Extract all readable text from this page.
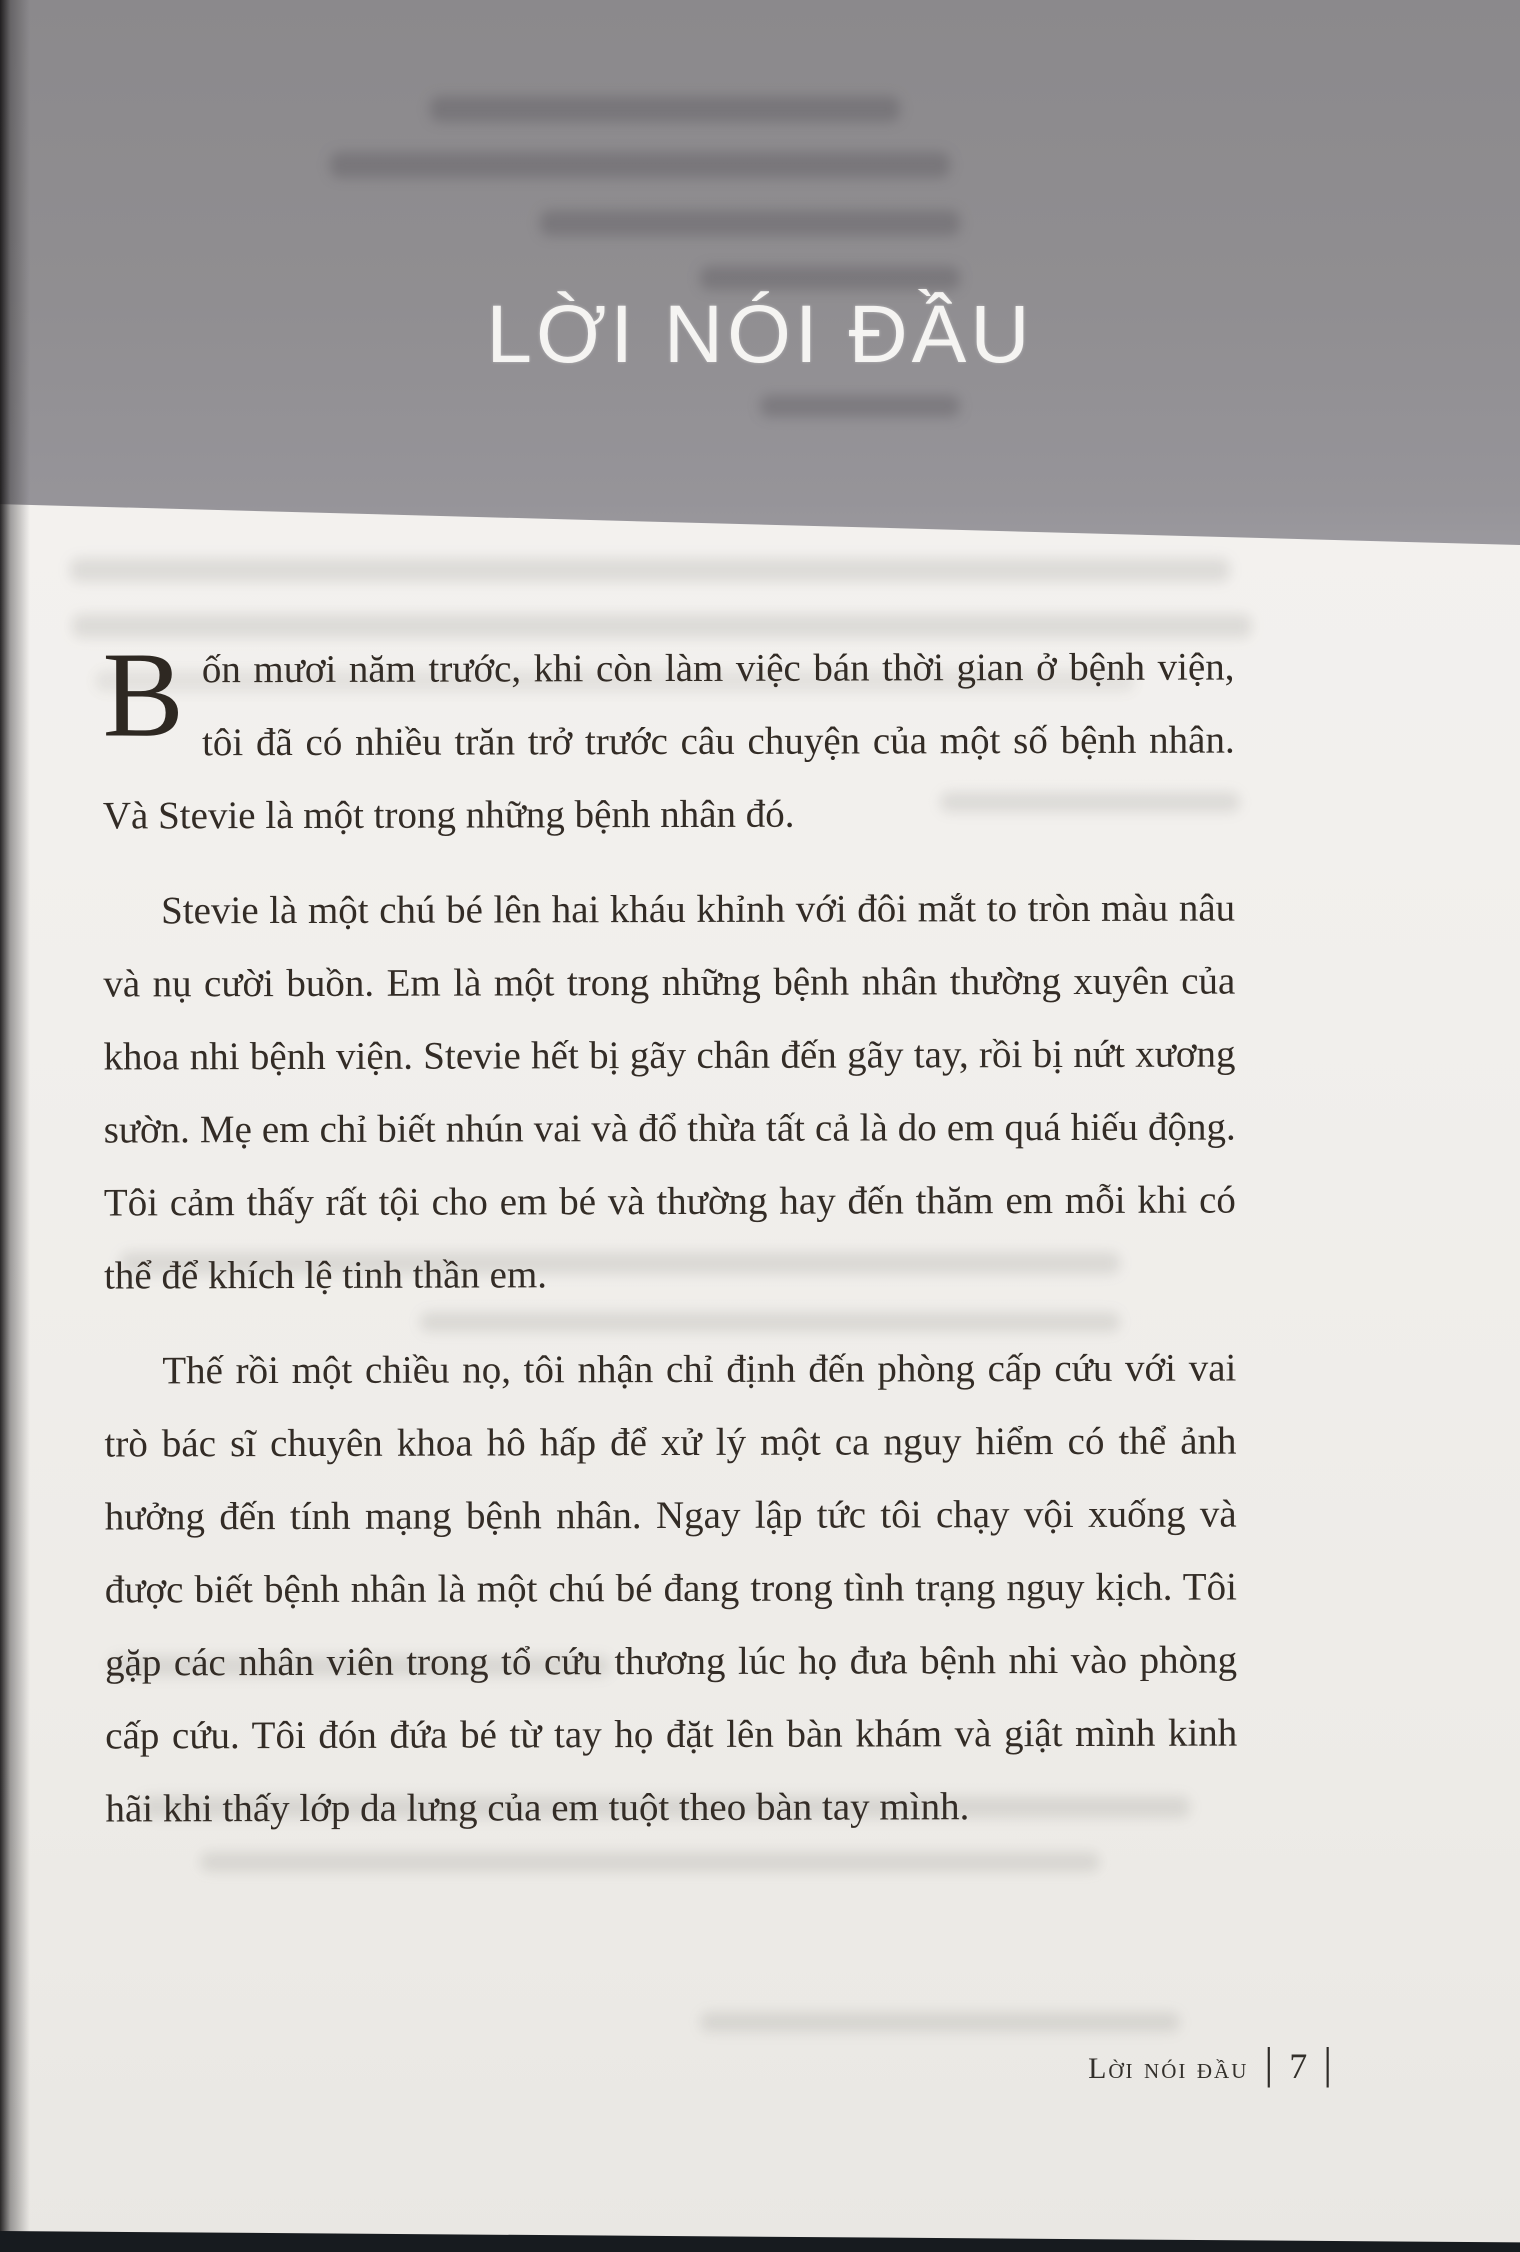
LỜI NÓI ĐẦU

Bốn mươi năm trước, khi còn làm việc bán thời gian ở bệnh viện, tôi đã có nhiều trăn trở trước câu chuyện của một số bệnh nhân. Và Stevie là một trong những bệnh nhân đó.

Stevie là một chú bé lên hai kháu khỉnh với đôi mắt to tròn màu nâu và nụ cười buồn. Em là một trong những bệnh nhân thường xuyên của khoa nhi bệnh viện. Stevie hết bị gãy chân đến gãy tay, rồi bị nứt xương sườn. Mẹ em chỉ biết nhún vai và đổ thừa tất cả là do em quá hiếu động. Tôi cảm thấy rất tội cho em bé và thường hay đến thăm em mỗi khi có thể để khích lệ tinh thần em.

Thế rồi một chiều nọ, tôi nhận chỉ định đến phòng cấp cứu với vai trò bác sĩ chuyên khoa hô hấp để xử lý một ca nguy hiểm có thể ảnh hưởng đến tính mạng bệnh nhân. Ngay lập tức tôi chạy vội xuống và được biết bệnh nhân là một chú bé đang trong tình trạng nguy kịch. Tôi gặp các nhân viên trong tổ cứu thương lúc họ đưa bệnh nhi vào phòng cấp cứu. Tôi đón đứa bé từ tay họ đặt lên bàn khám và giật mình kinh hãi khi thấy lớp da lưng của em tuột theo bàn tay mình.

Lời nói đầu | 7 |
